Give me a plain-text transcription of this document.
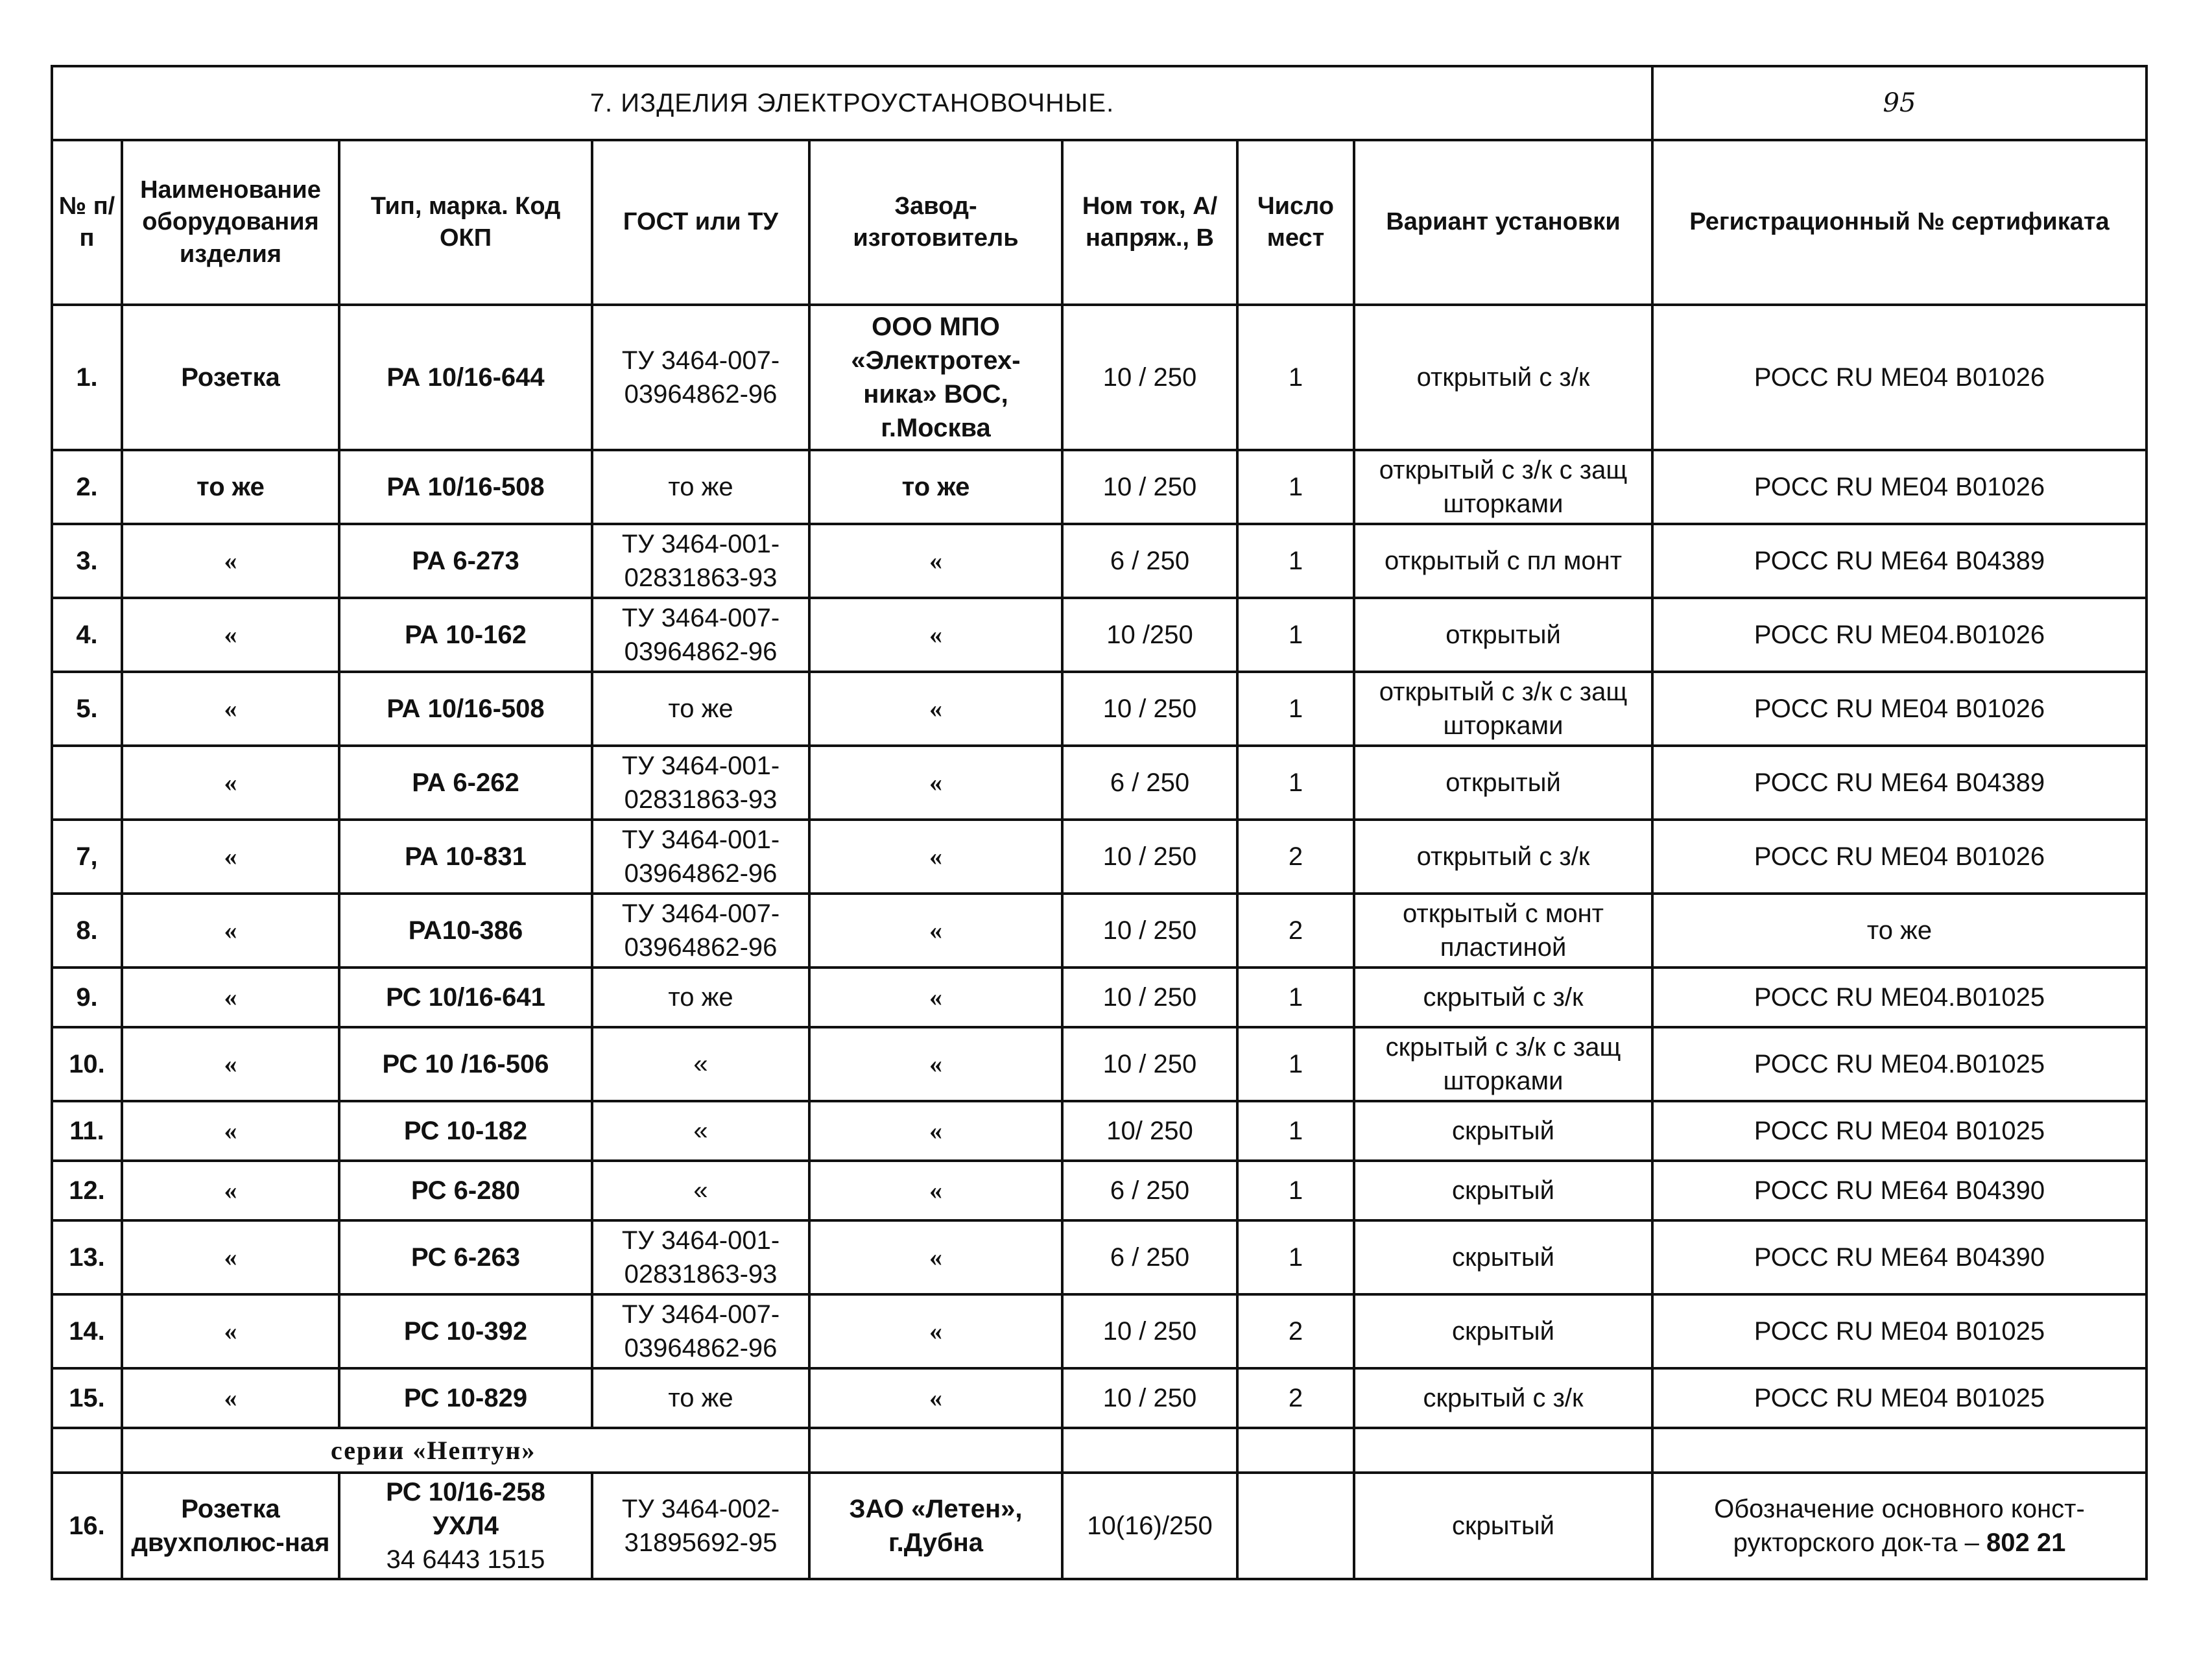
7. ИЗДЕЛИЯ ЭЛЕКТРОУСТАНОВОЧНЫЕ.								95
№ п/п	Наименование оборудования изделия	Тип, марка. Код ОКП	ГОСТ или ТУ	Завод-изготовитель	Ном ток, А/ напряж., В	Число мест	Вариант установки	Регистрационный № сертификата
1.	Розетка	РА 10/16-644	ТУ 3464-007-03964862-96	ООО МПО «Электротех-ника» ВОС, г.Москва	10 / 250	1	открытый с з/к	РОСС RU МЕ04 В01026
2.	то же	РА 10/16-508	то же	то же	10 / 250	1	открытый с з/к с защ шторками	РОСС RU МЕ04 В01026
3.	«	РА 6-273	ТУ 3464-001-02831863-93	«	6 / 250	1	открытый с пл монт	РОСС RU МЕ64 В04389
4.	«	РА 10-162	ТУ 3464-007-03964862-96	«	10 /250	1	открытый	РОСС RU МЕ04.В01026
5.	«	РА 10/16-508	то же	«	10 / 250	1	открытый с з/к с защ шторками	РОСС RU МЕ04 В01026
	«	РА 6-262	ТУ 3464-001-02831863-93	«	6 / 250	1	открытый	РОСС RU МЕ64 В04389
7,	«	РА 10-831	ТУ 3464-001-03964862-96	«	10 / 250	2	открытый с з/к	РОСС RU МЕ04 В01026
8.	«	РА10-386	ТУ 3464-007-03964862-96	«	10 / 250	2	открытый с монт пластиной	то же
9.	«	РС 10/16-641	то же	«	10 / 250	1	скрытый с з/к	РОСС RU МЕ04.В01025
10.	«	РС 10 /16-506	«	«	10 / 250	1	скрытый с з/к с защ шторками	РОСС RU МЕ04.В01025
11.	«	РС 10-182	«	«	10/ 250	1	скрытый	РОСС RU МЕ04 В01025
12.	«	РС 6-280	«	«	6 / 250	1	скрытый	РОСС RU МЕ64 В04390
13.	«	РС 6-263	ТУ 3464-001-02831863-93	«	6 / 250	1	скрытый	РОСС RU МЕ64 В04390
14.	«	РС 10-392	ТУ 3464-007-03964862-96	«	10 / 250	2	скрытый	РОСС RU МЕ04 В01025
15.	«	РС 10-829	то же	«	10 / 250	2	скрытый с з/к	РОСС RU МЕ04 В01025
	серии «Нептун»							
16.	Розетка двухполюс-ная	РС 10/16-258
УХЛ4
34 6443 1515	ТУ 3464-002-31895692-95	ЗАО «Летен», г.Дубна	10(16)/250		скрытый	Обозначение основного конст-рукторского док-та – 802 21
